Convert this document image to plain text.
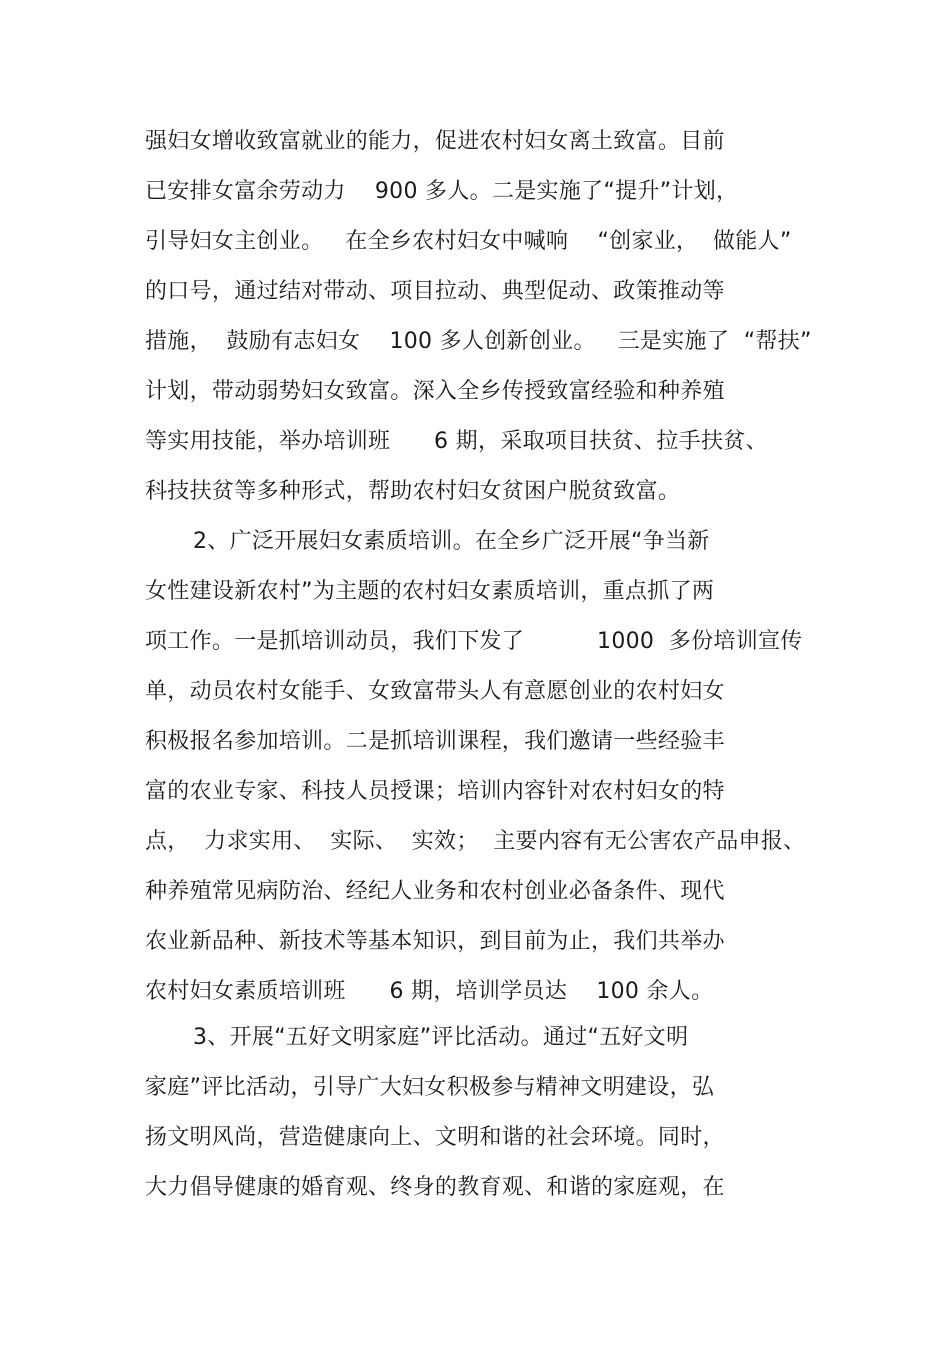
强妇女增收致富就业的能力，促进农村妇女离土致富。目前
已安排女富余劳动力    900 多人。二是实施了“提升”计划，
引导妇女主创业。   在全乡农村妇女中喊响    “创家业，  做能人”
的口号，通过结对带动、项目拉动、典型促动、政策推动等
措施，  鼓励有志妇女    100 多人创新创业。   三是实施了  “帮扶”
计划，带动弱势妇女致富。深入全乡传授致富经验和种养殖
等实用技能，举办培训班      6 期，采取项目扶贫、拉手扶贫、
科技扶贫等多种形式，帮助农村妇女贫困户脱贫致富。
2、广泛开展妇女素质培训。在全乡广泛开展“争当新
女性建设新农村”为主题的农村妇女素质培训，重点抓了两
项工作。一是抓培训动员，我们下发了          1000  多份培训宣传
单，动员农村女能手、女致富带头人有意愿创业的农村妇女
积极报名参加培训。二是抓培训课程，我们邀请一些经验丰
富的农业专家、科技人员授课；培训内容针对农村妇女的特
点，  力求实用、  实际、  实效；  主要内容有无公害农产品申报、
种养殖常见病防治、经纪人业务和农村创业必备条件、现代
农业新品种、新技术等基本知识，到目前为止，我们共举办
农村妇女素质培训班      6 期，培训学员达    100 余人。
3、开展“五好文明家庭”评比活动。通过“五好文明
家庭”评比活动，引导广大妇女积极参与精神文明建设，弘
扬文明风尚，营造健康向上、文明和谐的社会环境。同时，
大力倡导健康的婚育观、终身的教育观、和谐的家庭观，在
